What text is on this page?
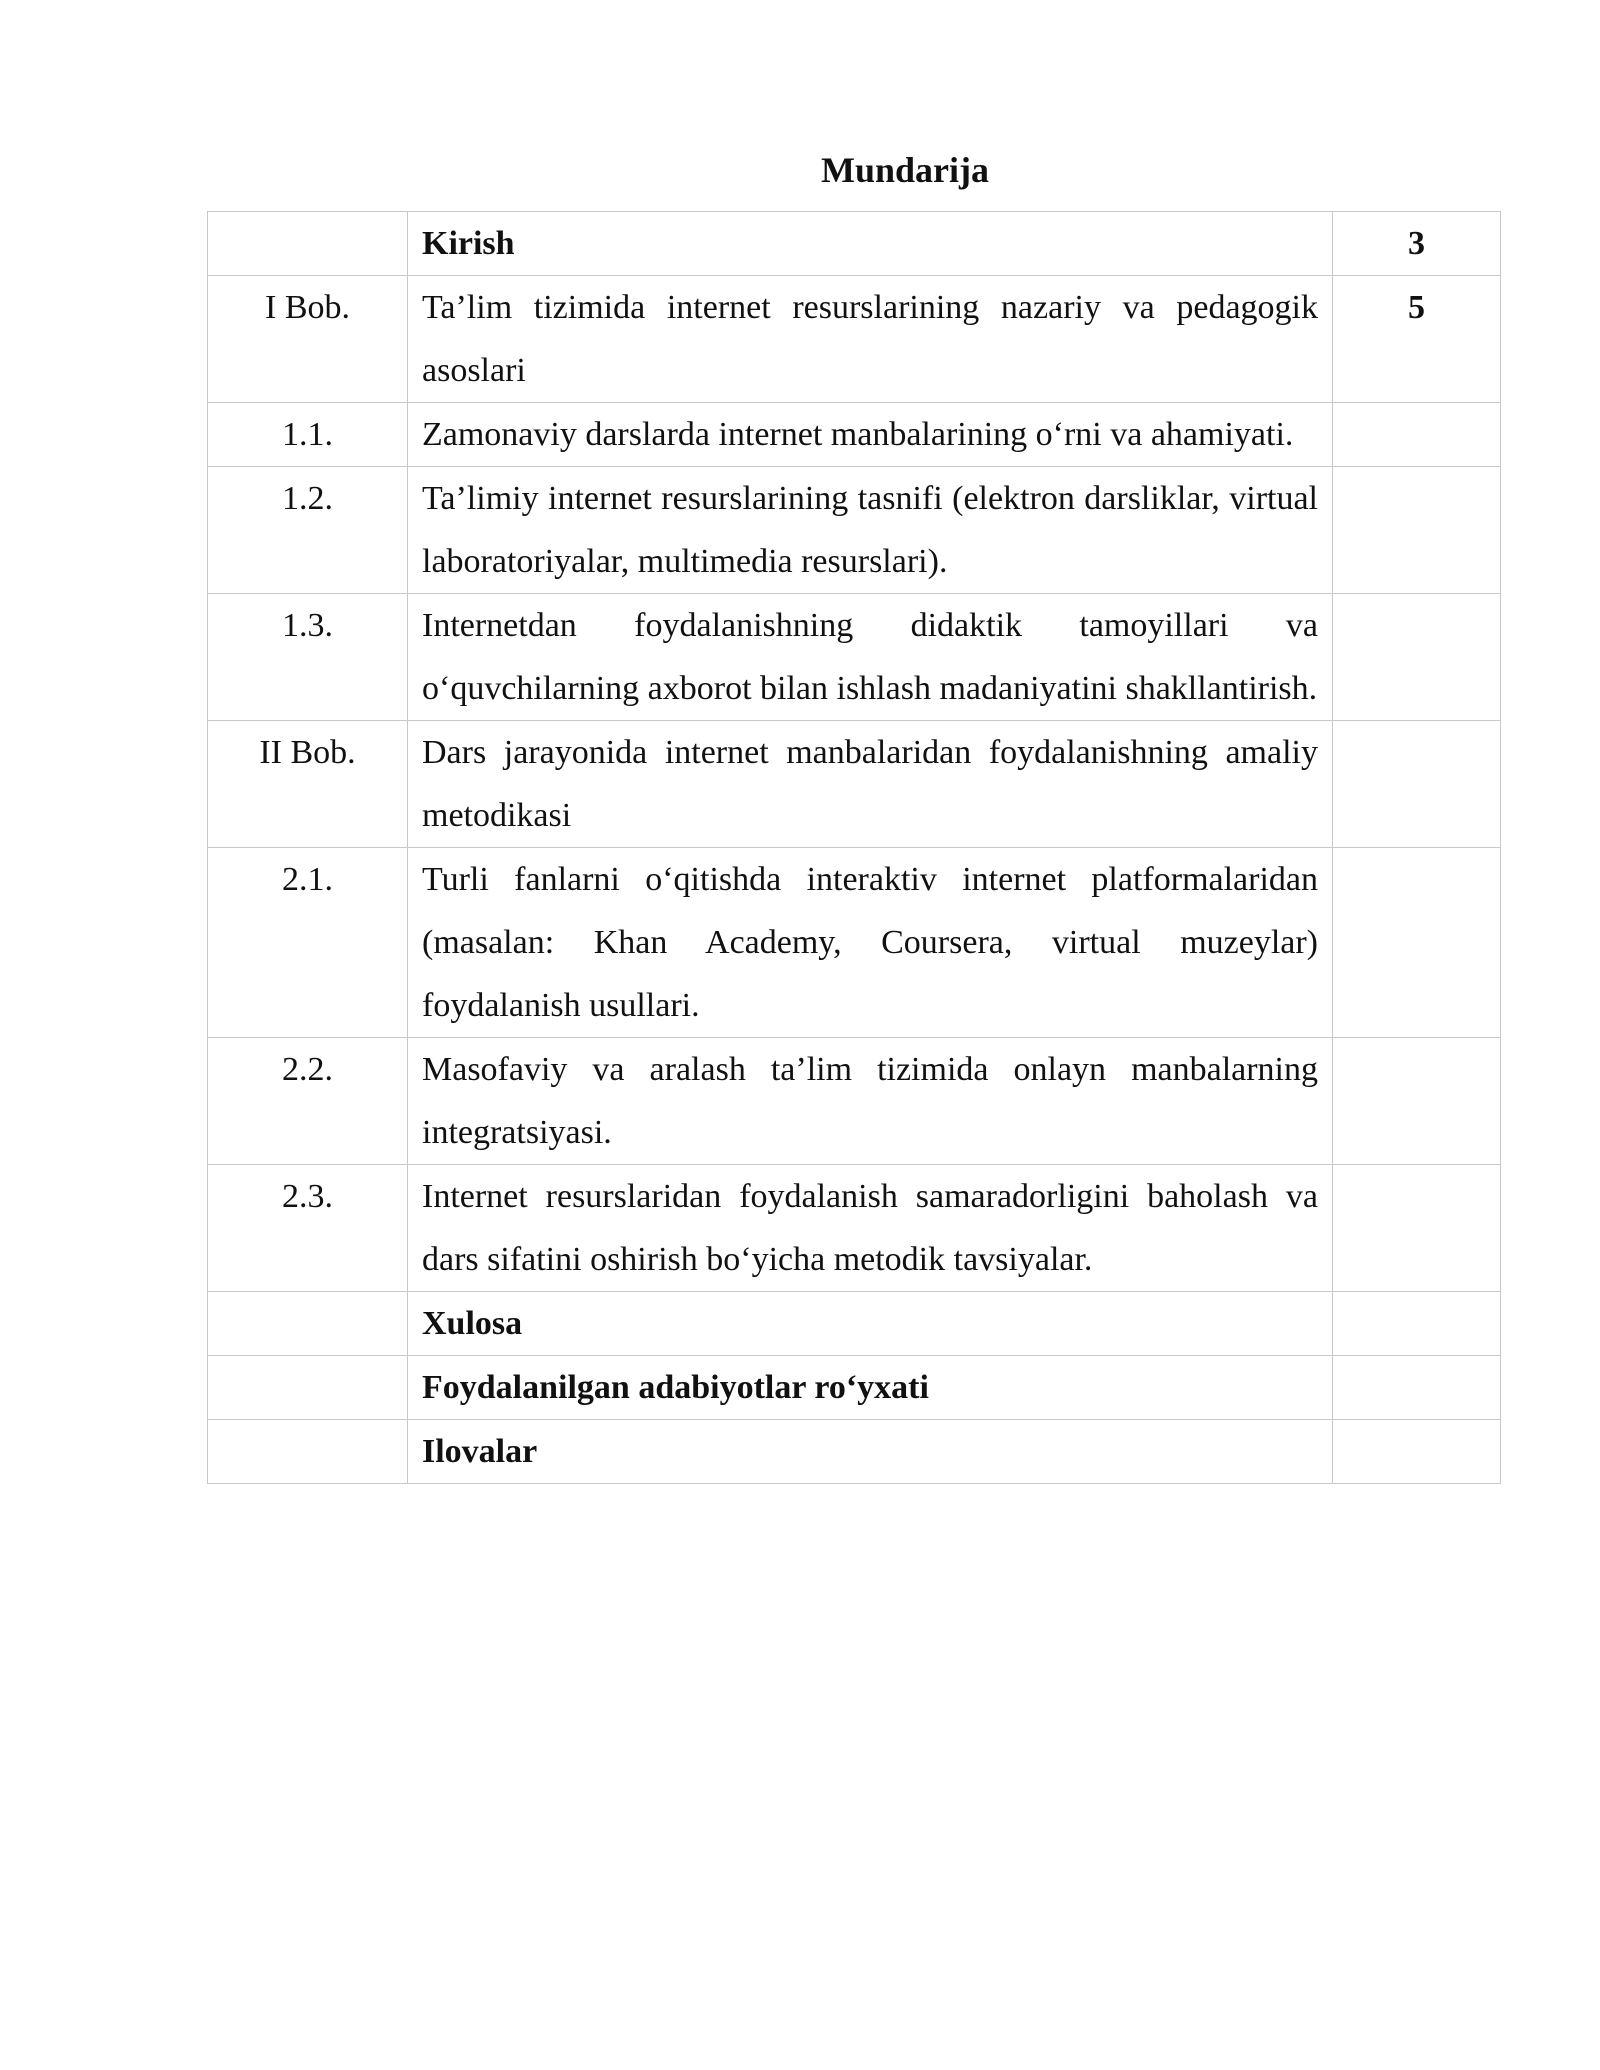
Mundarija
	Kirish	3
I Bob.	Ta’lim tizimida internet resurslarining nazariy va pedagogik asoslari	5
1.1.	Zamonaviy darslarda internet manbalarining o‘rni va ahamiyati.	
1.2.	Ta’limiy internet resurslarining tasnifi (elektron darsliklar, virtual laboratoriyalar, multimedia resurslari).	
1.3.	Internetdan foydalanishning didaktik tamoyillari va o‘quvchilarning axborot bilan ishlash madaniyatini shakllantirish.	
II Bob.	Dars jarayonida internet manbalaridan foydalanishning amaliy metodikasi	
2.1.	Turli fanlarni o‘qitishda interaktiv internet platformalaridan (masalan: Khan Academy, Coursera, virtual muzeylar) foydalanish usullari.	
2.2.	Masofaviy va aralash ta’lim tizimida onlayn manbalarning integratsiyasi.	
2.3.	Internet resurslaridan foydalanish samaradorligini baholash va dars sifatini oshirish bo‘yicha metodik tavsiyalar.	
	Xulosa	
	Foydalanilgan adabiyotlar ro‘yxati	
	Ilovalar	
